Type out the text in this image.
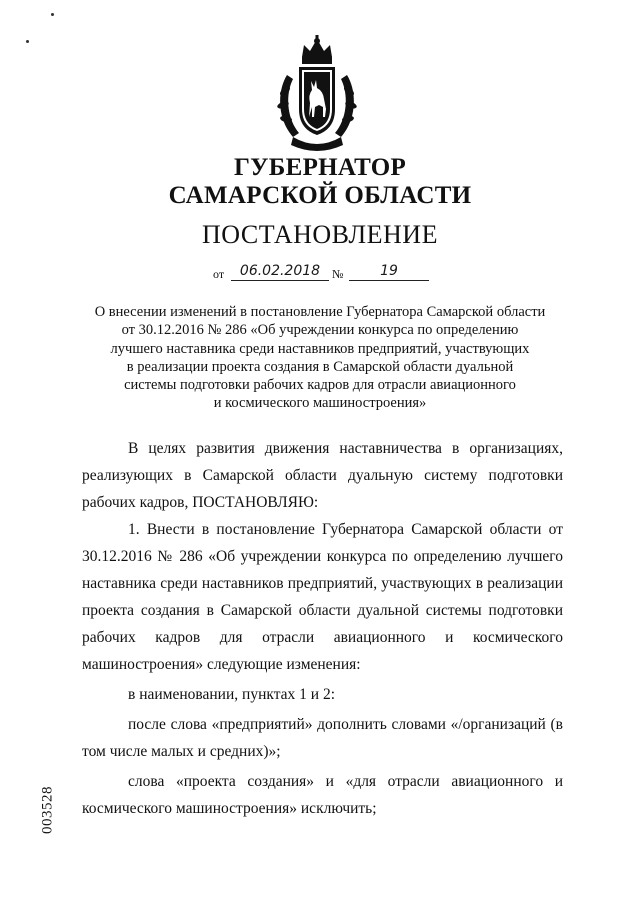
ГУБЕРНАТОР
САМАРСКОЙ ОБЛАСТИ
ПОСТАНОВЛЕНИЕ
от	06.02.2018 №	19
О внесении изменений в постановление Губернатора Самарской области
от 30.12.2016 № 286 «Об учреждении конкурса по определению
лучшего наставника среди наставников предприятий, участвующих
в реализации проекта создания в Самарской области дуальной
системы подготовки рабочих кадров для отрасли авиационного
и космического машиностроения»

В целях развития движения наставничества в организациях, реализующих в Самарской области дуальную систему подготовки рабочих кадров, ПОСТАНОВЛЯЮ:

1. Внести в постановление Губернатора Самарской области от 30.12.2016 № 286 «Об учреждении конкурса по определению лучшего наставника среди наставников предприятий, участвующих в реализации проекта создания в Самарской области дуальной системы подготовки рабочих кадров для отрасли авиационного и космического машиностроения» следующие изменения:

в наименовании, пунктах 1 и 2:

после слова «предприятий» дополнить словами «/организаций (в том числе малых и средних)»;

слова «проекта создания» и «для отрасли авиационного и космического машиностроения» исключить;

003528
